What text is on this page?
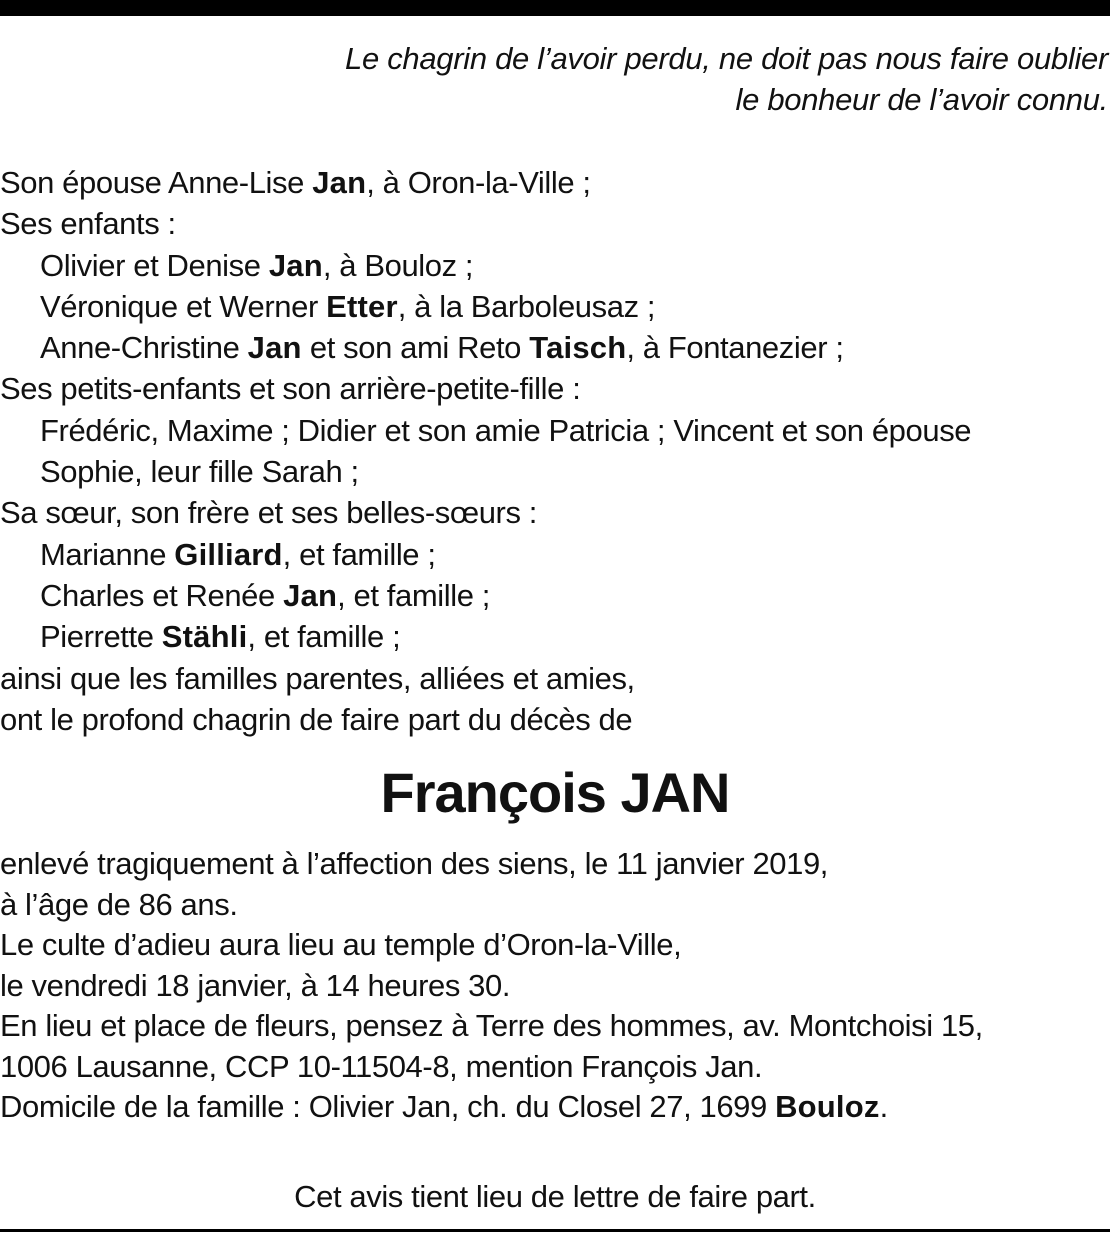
Le chagrin de l’avoir perdu, ne doit pas nous faire oublier
le bonheur de l’avoir connu.
Son épouse Anne-Lise Jan, à Oron-la-Ville ;
Ses enfants :
Olivier et Denise Jan, à Bouloz ;
Véronique et Werner Etter, à la Barboleusaz ;
Anne-Christine Jan et son ami Reto Taisch, à Fontanezier ;
Ses petits-enfants et son arrière-petite-fille :
Frédéric, Maxime ; Didier et son amie Patricia ; Vincent et son épouse
Sophie, leur fille Sarah ;
Sa sœur, son frère et ses belles-sœurs :
Marianne Gilliard, et famille ;
Charles et Renée Jan, et famille ;
Pierrette Stähli, et famille ;
ainsi que les familles parentes, alliées et amies,
ont le profond chagrin de faire part du décès de
François JAN
enlevé tragiquement à l’affection des siens, le 11 janvier 2019,
à l’âge de 86 ans.
Le culte d’adieu aura lieu au temple d’Oron-la-Ville,
le vendredi 18 janvier, à 14 heures 30.
En lieu et place de fleurs, pensez à Terre des hommes, av. Montchoisi 15,
1006 Lausanne, CCP 10-11504-8, mention François Jan.
Domicile de la famille : Olivier Jan, ch. du Closel 27, 1699 Bouloz.
Cet avis tient lieu de lettre de faire part.
